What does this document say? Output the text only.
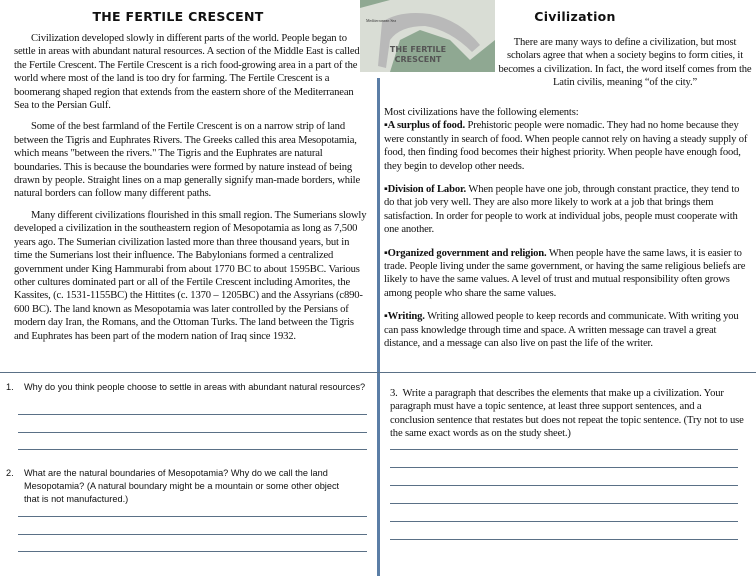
THE FERTILE CRESCENT

Civilization developed slowly in different parts of the world. People began to settle in areas with abundant natural resources. A section of the Middle East is called the Fertile Crescent. The Fertile Crescent is a rich food-growing area in a part of the world where most of the land is too dry for farming. The Fertile Crescent is a boomerang shaped region that extends from the eastern shore of the Mediterranean Sea to the Persian Gulf.

Some of the best farmland of the Fertile Crescent is on a narrow strip of land between the Tigris and Euphrates Rivers. The Greeks called this area Mesopotamia, which means "between the rivers." The Tigris and the Euphrates are natural boundaries. This is because the boundaries were formed by nature instead of being drawn by people. Straight lines on a map generally signify man-made borders, while natural borders can follow many different paths.

Many different civilizations flourished in this small region. The Sumerians slowly developed a civilization in the southeastern region of Mesopotamia as long as 7,500 years ago. The Sumerian civilization lasted more than three thousand years, but in time the Sumerians lost their influence. The Babylonians formed a centralized government under King Hammurabi from about 1770 BC to about 1595BC. Various other cultures dominated part or all of the Fertile Crescent including Amorites, the Kassites, (c. 1531-1155BC) the Hittites (c. 1370 – 1205BC) and the Assyrians (c890-600 BC). The land known as Mesopotamia was later controlled by the Persians of modern day Iran, the Romans, and the Ottoman Turks. The land between the Tigris and Euphrates has been part of the modern nation of Iraq since 1932.

Mediterranean Sea
THE FERTILE
CRESCENT
Civilization

There are many ways to define a civilization, but most scholars agree that when a society begins to form cities, it becomes a civilization. In fact, the word itself comes from the Latin civilis, meaning “of the city.”

Most civilizations have the following elements:

▪A surplus of food. Prehistoric people were nomadic. They had no home because they were constantly in search of food. When people cannot rely on having a steady supply of food, then finding food becomes their highest priority. When people have enough food, they begin to develop other needs.

▪Division of Labor. When people have one job, through constant practice, they tend to do that job very well. They are also more likely to work at a job that brings them satisfaction. In order for people to work at individual jobs, people must cooperate with one another.

▪Organized government and religion. When people have the same laws, it is easier to trade. People living under the same government, or having the same religious beliefs are likely to have the same values. A level of trust and mutual responsibility often grows among people who share the same values.

▪Writing. Writing allowed people to keep records and communicate. With writing you can pass knowledge through time and space. A written message can travel a great distance, and a message can also live on past the life of the writer.

1.	Why do you think people choose to settle in areas with abundant natural resources?
2.	What are the natural boundaries of Mesopotamia? Why do we call the land Mesopotamia? (A natural boundary might be a mountain or some other object that is not manufactured.)

3. Write a paragraph that describes the elements that make up a civilization. Your paragraph must have a topic sentence, at least three support sentences, and a conclusion sentence that restates but does not repeat the topic sentence. (Try not to use the same exact words as on the study sheet.)
